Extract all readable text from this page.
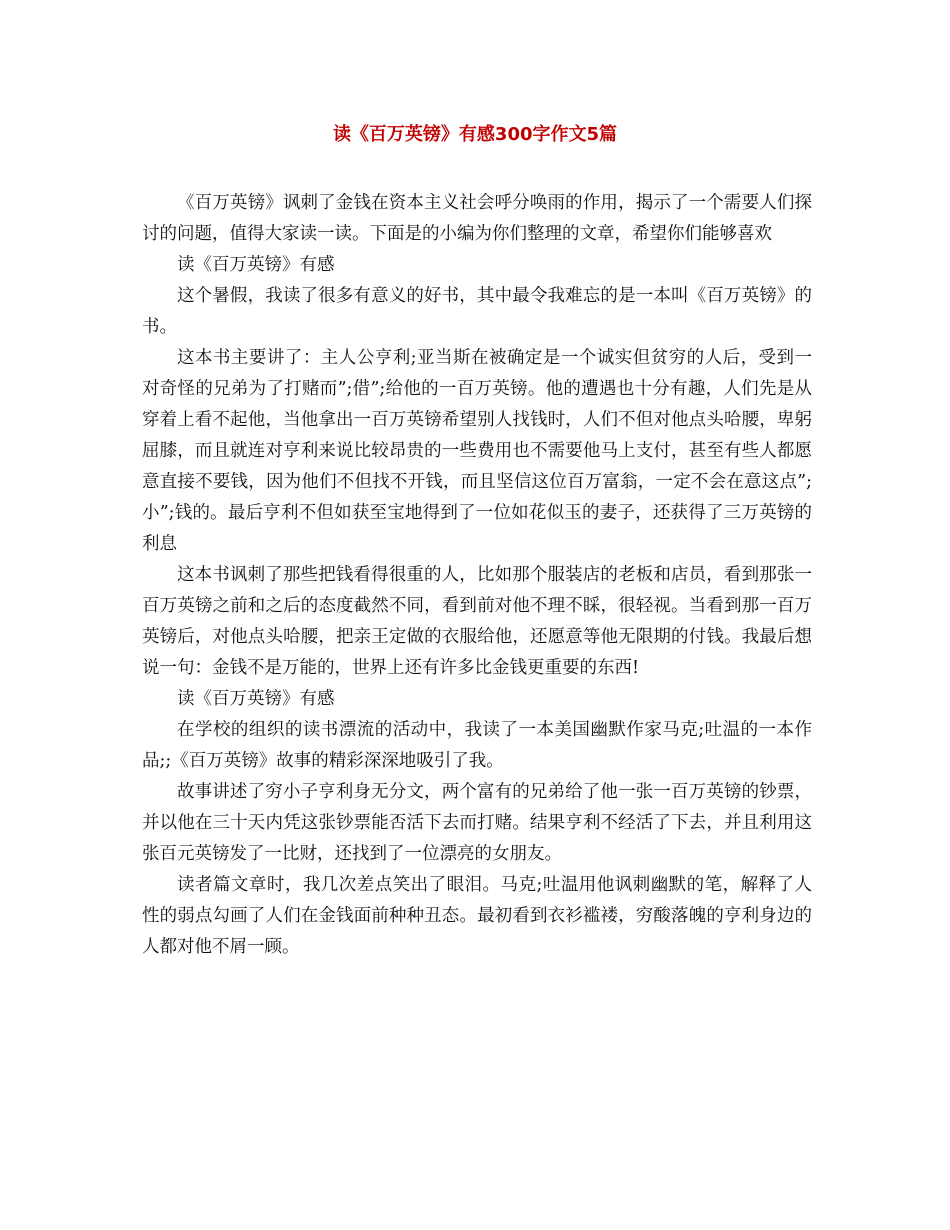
读《百万英镑》有感300字作文5篇

《百万英镑》讽刺了金钱在资本主义社会呼分唤雨的作用，揭示了一个需要人们探讨的问题，值得大家读一读。下面是的小编为你们整理的文章，希望你们能够喜欢

读《百万英镑》有感

这个暑假，我读了很多有意义的好书，其中最令我难忘的是一本叫《百万英镑》的书。

这本书主要讲了：主人公亨利;亚当斯在被确定是一个诚实但贫穷的人后，受到一对奇怪的兄弟为了打赌而”;借”;给他的一百万英镑。他的遭遇也十分有趣，人们先是从穿着上看不起他，当他拿出一百万英镑希望别人找钱时，人们不但对他点头哈腰，卑躬屈膝，而且就连对亨利来说比较昂贵的一些费用也不需要他马上支付，甚至有些人都愿意直接不要钱，因为他们不但找不开钱，而且坚信这位百万富翁，一定不会在意这点”;小”;钱的。最后亨利不但如获至宝地得到了一位如花似玉的妻子，还获得了三万英镑的利息

这本书讽刺了那些把钱看得很重的人，比如那个服装店的老板和店员，看到那张一百万英镑之前和之后的态度截然不同，看到前对他不理不睬，很轻视。当看到那一百万英镑后，对他点头哈腰，把亲王定做的衣服给他，还愿意等他无限期的付钱。我最后想说一句：金钱不是万能的，世界上还有许多比金钱更重要的东西!

读《百万英镑》有感

在学校的组织的读书漂流的活动中，我读了一本美国幽默作家马克;吐温的一本作品;;《百万英镑》故事的精彩深深地吸引了我。

故事讲述了穷小子亨利身无分文，两个富有的兄弟给了他一张一百万英镑的钞票，并以他在三十天内凭这张钞票能否活下去而打赌。结果亨利不经活了下去，并且利用这张百元英镑发了一比财，还找到了一位漂亮的女朋友。

读者篇文章时，我几次差点笑出了眼泪。马克;吐温用他讽刺幽默的笔，解释了人性的弱点勾画了人们在金钱面前种种丑态。最初看到衣衫褴褛，穷酸落魄的亨利身边的人都对他不屑一顾。
